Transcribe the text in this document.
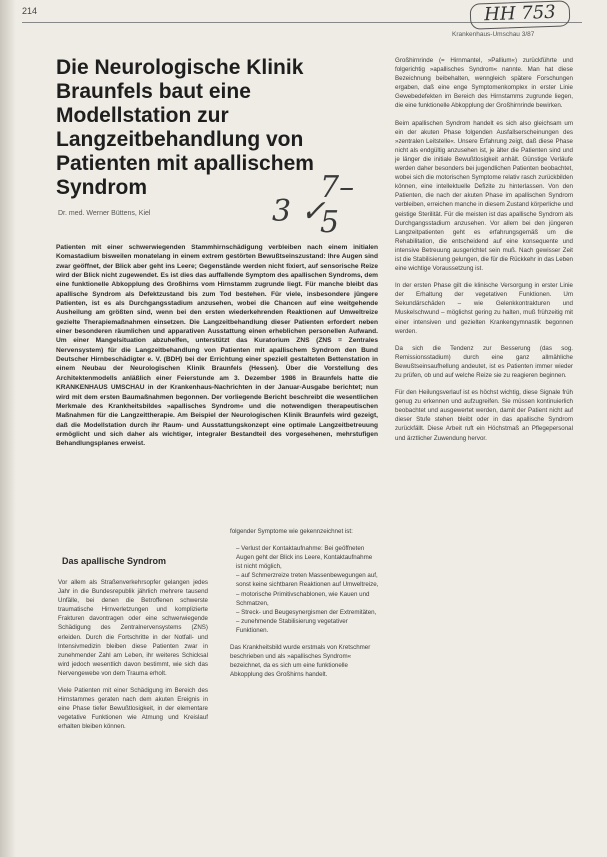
214	HH 753
Krankenhaus-Umschau 3/87
Die Neurologische Klinik Braunfels baut eine Modellstation zur Langzeitbehandlung von Patienten mit apallischem Syndrom	7–5
3 ✓
Dr. med. Werner Büttens, Kiel

Patienten mit einer schwerwiegenden Stammhirnschädigung verbleiben nach einem initialen Komastadium bisweilen monatelang in einem extrem gestörten Bewußtseinszustand: Ihre Augen sind zwar geöffnet, der Blick aber geht ins Leere; Gegenstände werden nicht fixiert, auf sensorische Reize wird der Blick nicht zugewendet. Es ist dies das auffallende Symptom des apallischen Syndroms, dem eine funktionelle Abkopplung des Großhirns vom Hirnstamm zugrunde liegt. Für manche bleibt das apallische Syndrom als Defektzustand bis zum Tod bestehen. Für viele, insbesondere jüngere Patienten, ist es als Durchgangsstadium anzusehen, wobei die Chancen auf eine weitgehende Ausheilung am größten sind, wenn bei den ersten wiederkehrenden Reaktionen auf Umweltreize gezielte Therapiemaßnahmen einsetzen. Die Langzeitbehandlung dieser Patienten erfordert neben einer besonderen räumlichen und apparativen Ausstattung einen erheblichen personellen Aufwand. Um einer Mangelsituation abzuhelfen, unterstützt das Kuratorium ZNS (ZNS = Zentrales Nervensystem) für die Langzeitbehandlung von Patienten mit apallischem Syndrom den Bund Deutscher Hirnbeschädigter e. V. (BDH) bei der Errichtung einer speziell gestalteten Bettenstation in einem Neubau der Neurologischen Klinik Braunfels (Hessen). Über die Vorstellung des Architektenmodells anläßlich einer Feierstunde am 3. Dezember 1986 in Braunfels hatte die KRANKENHAUS UMSCHAU in der Krankenhaus-Nachrichten in der Januar-Ausgabe berichtet; nun wird mit dem ersten Baumaßnahmen begonnen. Der vorliegende Bericht beschreibt die wesentlichen Merkmale des Krankheitsbildes »apallisches Syndrom« und die notwendigen therapeutischen Maßnahmen für die Langzeittherapie. Am Beispiel der Neurologischen Klinik Braunfels wird gezeigt, daß die Modellstation durch ihr Raum- und Ausstattungskonzept eine optimale Langzeitbetreuung ermöglicht und sich daher als wichtiger, integraler Bestandteil des vorgesehenen, mehrstufigen Behandlungsplanes erweist.

Das apallische Syndrom

Vor allem als Straßenverkehrsopfer gelangen jedes Jahr in die Bundesrepublik jährlich mehrere tausend Unfälle, bei denen die Betroffenen schwerste traumatische Hirnverletzungen und komplizierte Frakturen davontragen oder eine schwerwiegende Schädigung des Zentralnervensystems (ZNS) erleiden. Durch die Fortschritte in der Notfall- und Intensivmedizin bleiben diese Patienten zwar in zunehmender Zahl am Leben, ihr weiteres Schicksal wird jedoch wesentlich davon bestimmt, wie sich das Nervengewebe von dem Trauma erholt.

Viele Patienten mit einer Schädigung im Bereich des Hirnstammes geraten nach dem akuten Ereignis in eine Phase tiefer Bewußtlosigkeit, in der elementare vegetative Funktionen wie Atmung und Kreislauf erhalten bleiben können.

folgender Symptome wie gekennzeichnet ist:

– Verlust der Kontaktaufnahme: Bei geöffneten Augen geht der Blick ins Leere, Kontaktaufnahme ist nicht möglich,
– auf Schmerzreize treten Massenbewegungen auf, sonst keine sichtbaren Reaktionen auf Umweltreize,
– motorische Primitivschablonen, wie Kauen und Schmatzen,
– Streck- und Beugesynergismen der Extremitäten,
– zunehmende Stabilisierung vegetativer Funktionen.

Das Krankheitsbild wurde erstmals von Kretschmer beschrieben und als »apallisches Syndrom« bezeichnet, da es sich um eine funktionelle Abkopplung des Großhirns handelt.

Großhirnrinde (= Hirnmantel, »Pallium«) zurückführte und folgerichtig »apallisches Syndrom« nannte. Man hat diese Bezeichnung beibehalten, wenngleich spätere Forschungen ergaben, daß eine enge Symptomenkomplex in erster Linie Gewebedefekten im Bereich des Hirnstamms zugrunde liegen, die eine funktionelle Abkopplung der Großhirnrinde bewirken.

Beim apallischen Syndrom handelt es sich also gleichsam um ein der akuten Phase folgenden Ausfallserscheinungen des »zentralen Leitstelle«. Unsere Erfahrung zeigt, daß diese Phase nicht als endgültig anzusehen ist, je älter die Patienten sind und je länger die initiale Bewußtlosigkeit anhält. Günstige Verläufe werden daher besonders bei jugendlichen Patienten beobachtet, wobei sich die motorischen Symptome relativ rasch zurückbilden können, eine intellektuelle Defizite zu hinterlassen. Von den Patienten, die nach der akuten Phase im apallischen Syndrom verbleiben, erreichen manche in diesem Zustand körperliche und geistige Sterilität. Für die meisten ist das apallische Syndrom als Durchgangsstadium anzusehen. Vor allem bei den jüngeren Langzeitpatienten geht es erfahrungsgemäß um die Rehabilitation, die entscheidend auf eine konsequente und intensive Betreuung ausgerichtet sein muß. Nach gewisser Zeit ist die Stabilisierung gelungen, die für die Rückkehr in das Leben eine wichtige Voraussetzung ist.

In der ersten Phase gilt die klinische Versorgung in erster Linie der Erhaltung der vegetativen Funktionen. Um Sekundärschäden – wie Gelenkkontrakturen und Muskelschwund – möglichst gering zu halten, muß frühzeitig mit einer intensiven und gezielten Krankengymnastik begonnen werden.

Da sich die Tendenz zur Besserung (das sog. Remissionsstadium) durch eine ganz allmähliche Bewußtseinsaufhellung andeutet, ist es Patienten immer wieder zu prüfen, ob und auf welche Reize sie zu reagieren beginnen.

Für den Heilungsverlauf ist es höchst wichtig, diese Signale früh genug zu erkennen und aufzugreifen. Sie müssen kontinuierlich beobachtet und ausgewertet werden, damit der Patient nicht auf dieser Stufe stehen bleibt oder in das apallische Syndrom zurückfällt. Diese Arbeit ruft ein Höchstmaß an Pflegepersonal und ärztlicher Zuwendung hervor.
